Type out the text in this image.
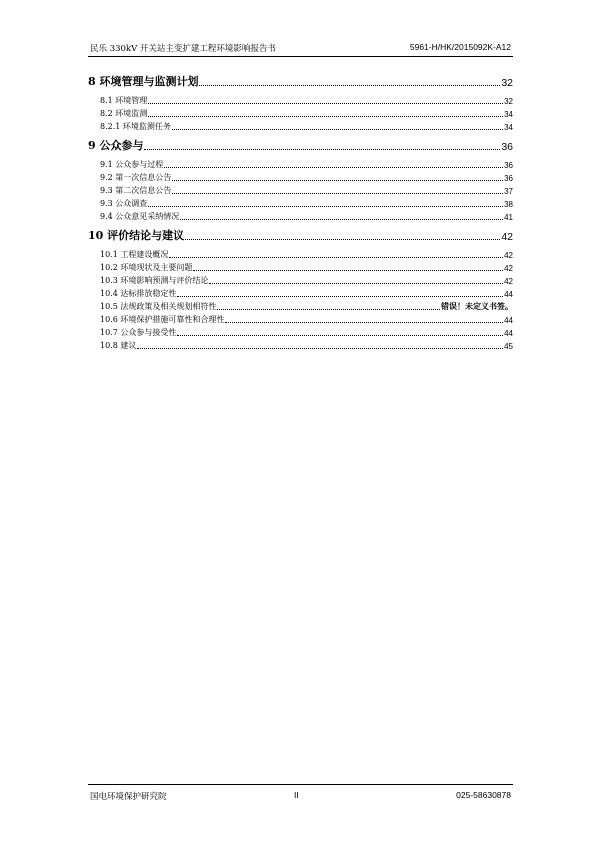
民乐 330kV 开关站主变扩建工程环境影响报告书	5961-H/HK/2015092K-A12
8 环境管理与监测计划	32
8.1 环境管理	32
8.2 环境监测	34
8.2.1 环境监测任务	34
9 公众参与	36
9.1 公众参与过程	36
9.2 第一次信息公告	36
9.3 第二次信息公告	37
9.3 公众调查	38
9.4 公众意见采纳情况	41
10 评价结论与建议	42
10.1 工程建设概况	42
10.2 环境现状及主要问题	42
10.3 环境影响预测与评价结论	42
10.4 达标排放稳定性	44
10.5 法规政策及相关规划相符性	错误！未定义书签。
10.6 环境保护措施可靠性和合理性	44
10.7 公众参与接受性	44
10.8 建议	45
国电环境保护研究院	II	025-58630878
